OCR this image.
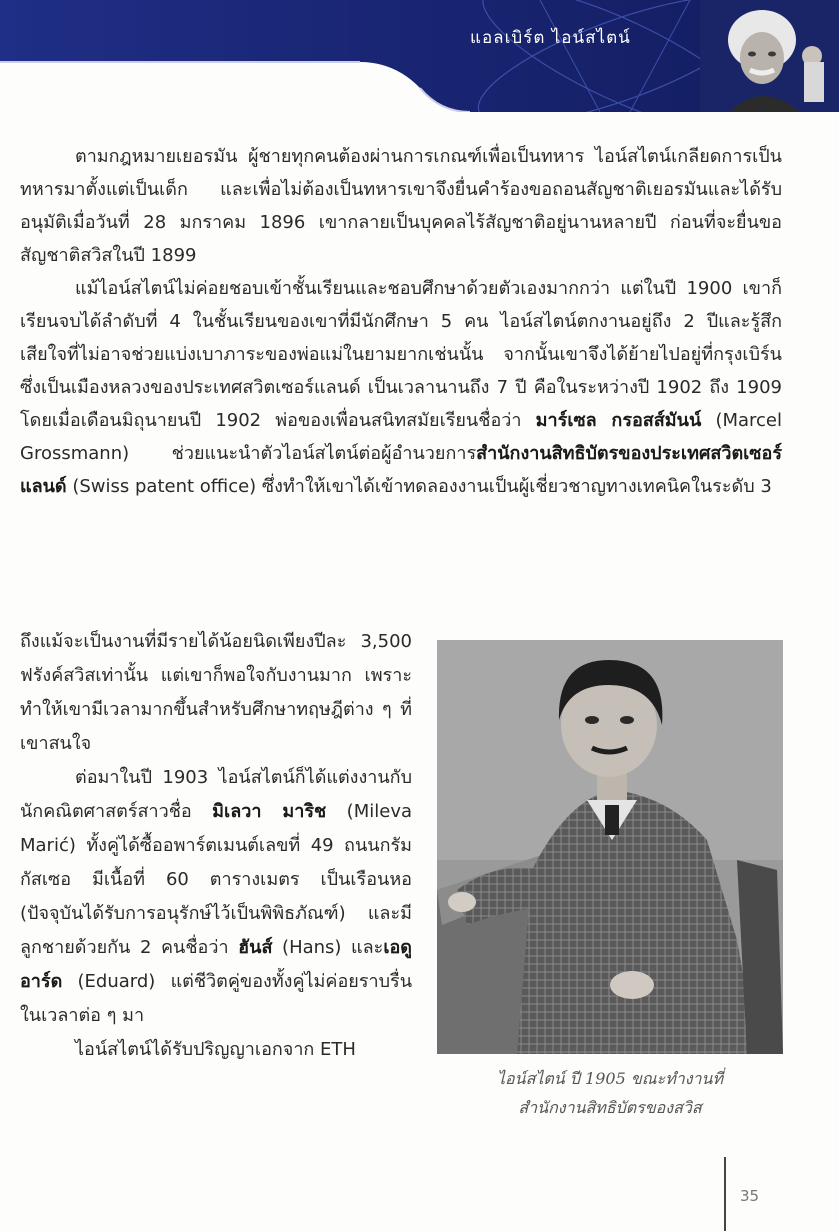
แอลเบิร์ต ไอน์สไตน์

ตามกฎหมายเยอรมัน ผู้ชายทุกคนต้องผ่านการเกณฑ์เพื่อเป็นทหาร ไอน์สไตน์เกลียดการเป็นทหารมาตั้งแต่เป็นเด็ก และเพื่อไม่ต้องเป็นทหารเขาจึงยื่นคำร้องขอถอนสัญชาติเยอรมันและได้รับอนุมัติเมื่อวันที่ 28 มกราคม 1896 เขากลายเป็นบุคคลไร้สัญชาติอยู่นานหลายปี ก่อนที่จะยื่นขอสัญชาติสวิสในปี 1899

แม้ไอน์สไตน์ไม่ค่อยชอบเข้าชั้นเรียนและชอบศึกษาด้วยตัวเองมากกว่า แต่ในปี 1900 เขาก็เรียนจบได้ลำดับที่ 4 ในชั้นเรียนของเขาที่มีนักศึกษา 5 คน ไอน์สไตน์ตกงานอยู่ถึง 2 ปีและรู้สึกเสียใจที่ไม่อาจช่วยแบ่งเบาภาระของพ่อแม่ในยามยากเช่นนั้น จากนั้นเขาจึงได้ย้ายไปอยู่ที่กรุงเบิร์นซึ่งเป็นเมืองหลวงของประเทศสวิตเซอร์แลนด์ เป็นเวลานานถึง 7 ปี คือในระหว่างปี 1902 ถึง 1909 โดยเมื่อเดือนมิถุนายนปี 1902 พ่อของเพื่อนสนิทสมัยเรียนชื่อว่า มาร์เซล กรอสส์มันน์ (Marcel Grossmann) ช่วยแนะนำตัวไอน์สไตน์ต่อผู้อำนวยการสำนักงานสิทธิบัตรของประเทศสวิตเซอร์แลนด์ (Swiss patent office) ซึ่งทำให้เขาได้เข้าทดลองงานเป็นผู้เชี่ยวชาญทางเทคนิคในระดับ 3

ถึงแม้จะเป็นงานที่มีรายได้น้อยนิดเพียงปีละ 3,500 ฟรังค์สวิสเท่านั้น แต่เขาก็พอใจกับงานมาก เพราะทำให้เขามีเวลามากขึ้นสำหรับศึกษาทฤษฎีต่าง ๆ ที่เขาสนใจ

ต่อมาในปี 1903 ไอน์สไตน์ก็ได้แต่งงานกับนักคณิตศาสตร์สาวชื่อ มิเลวา มาริช (Mileva Marić) ทั้งคู่ได้ซื้ออพาร์ตเมนต์เลขที่ 49 ถนนกรัมกัสเซอ มีเนื้อที่ 60 ตารางเมตร เป็นเรือนหอ (ปัจจุบันได้รับการอนุรักษ์ไว้เป็นพิพิธภัณฑ์) และมีลูกชายด้วยกัน 2 คนชื่อว่า ฮันส์ (Hans) และเอดูอาร์ด (Eduard) แต่ชีวิตคู่ของทั้งคู่ไม่ค่อยราบรื่นในเวลาต่อ ๆ มา

ไอน์สไตน์ได้รับปริญญาเอกจาก ETH

ไอน์สไตน์ ปี 1905 ขณะทำงานที่
สำนักงานสิทธิบัตรของสวิส
35
